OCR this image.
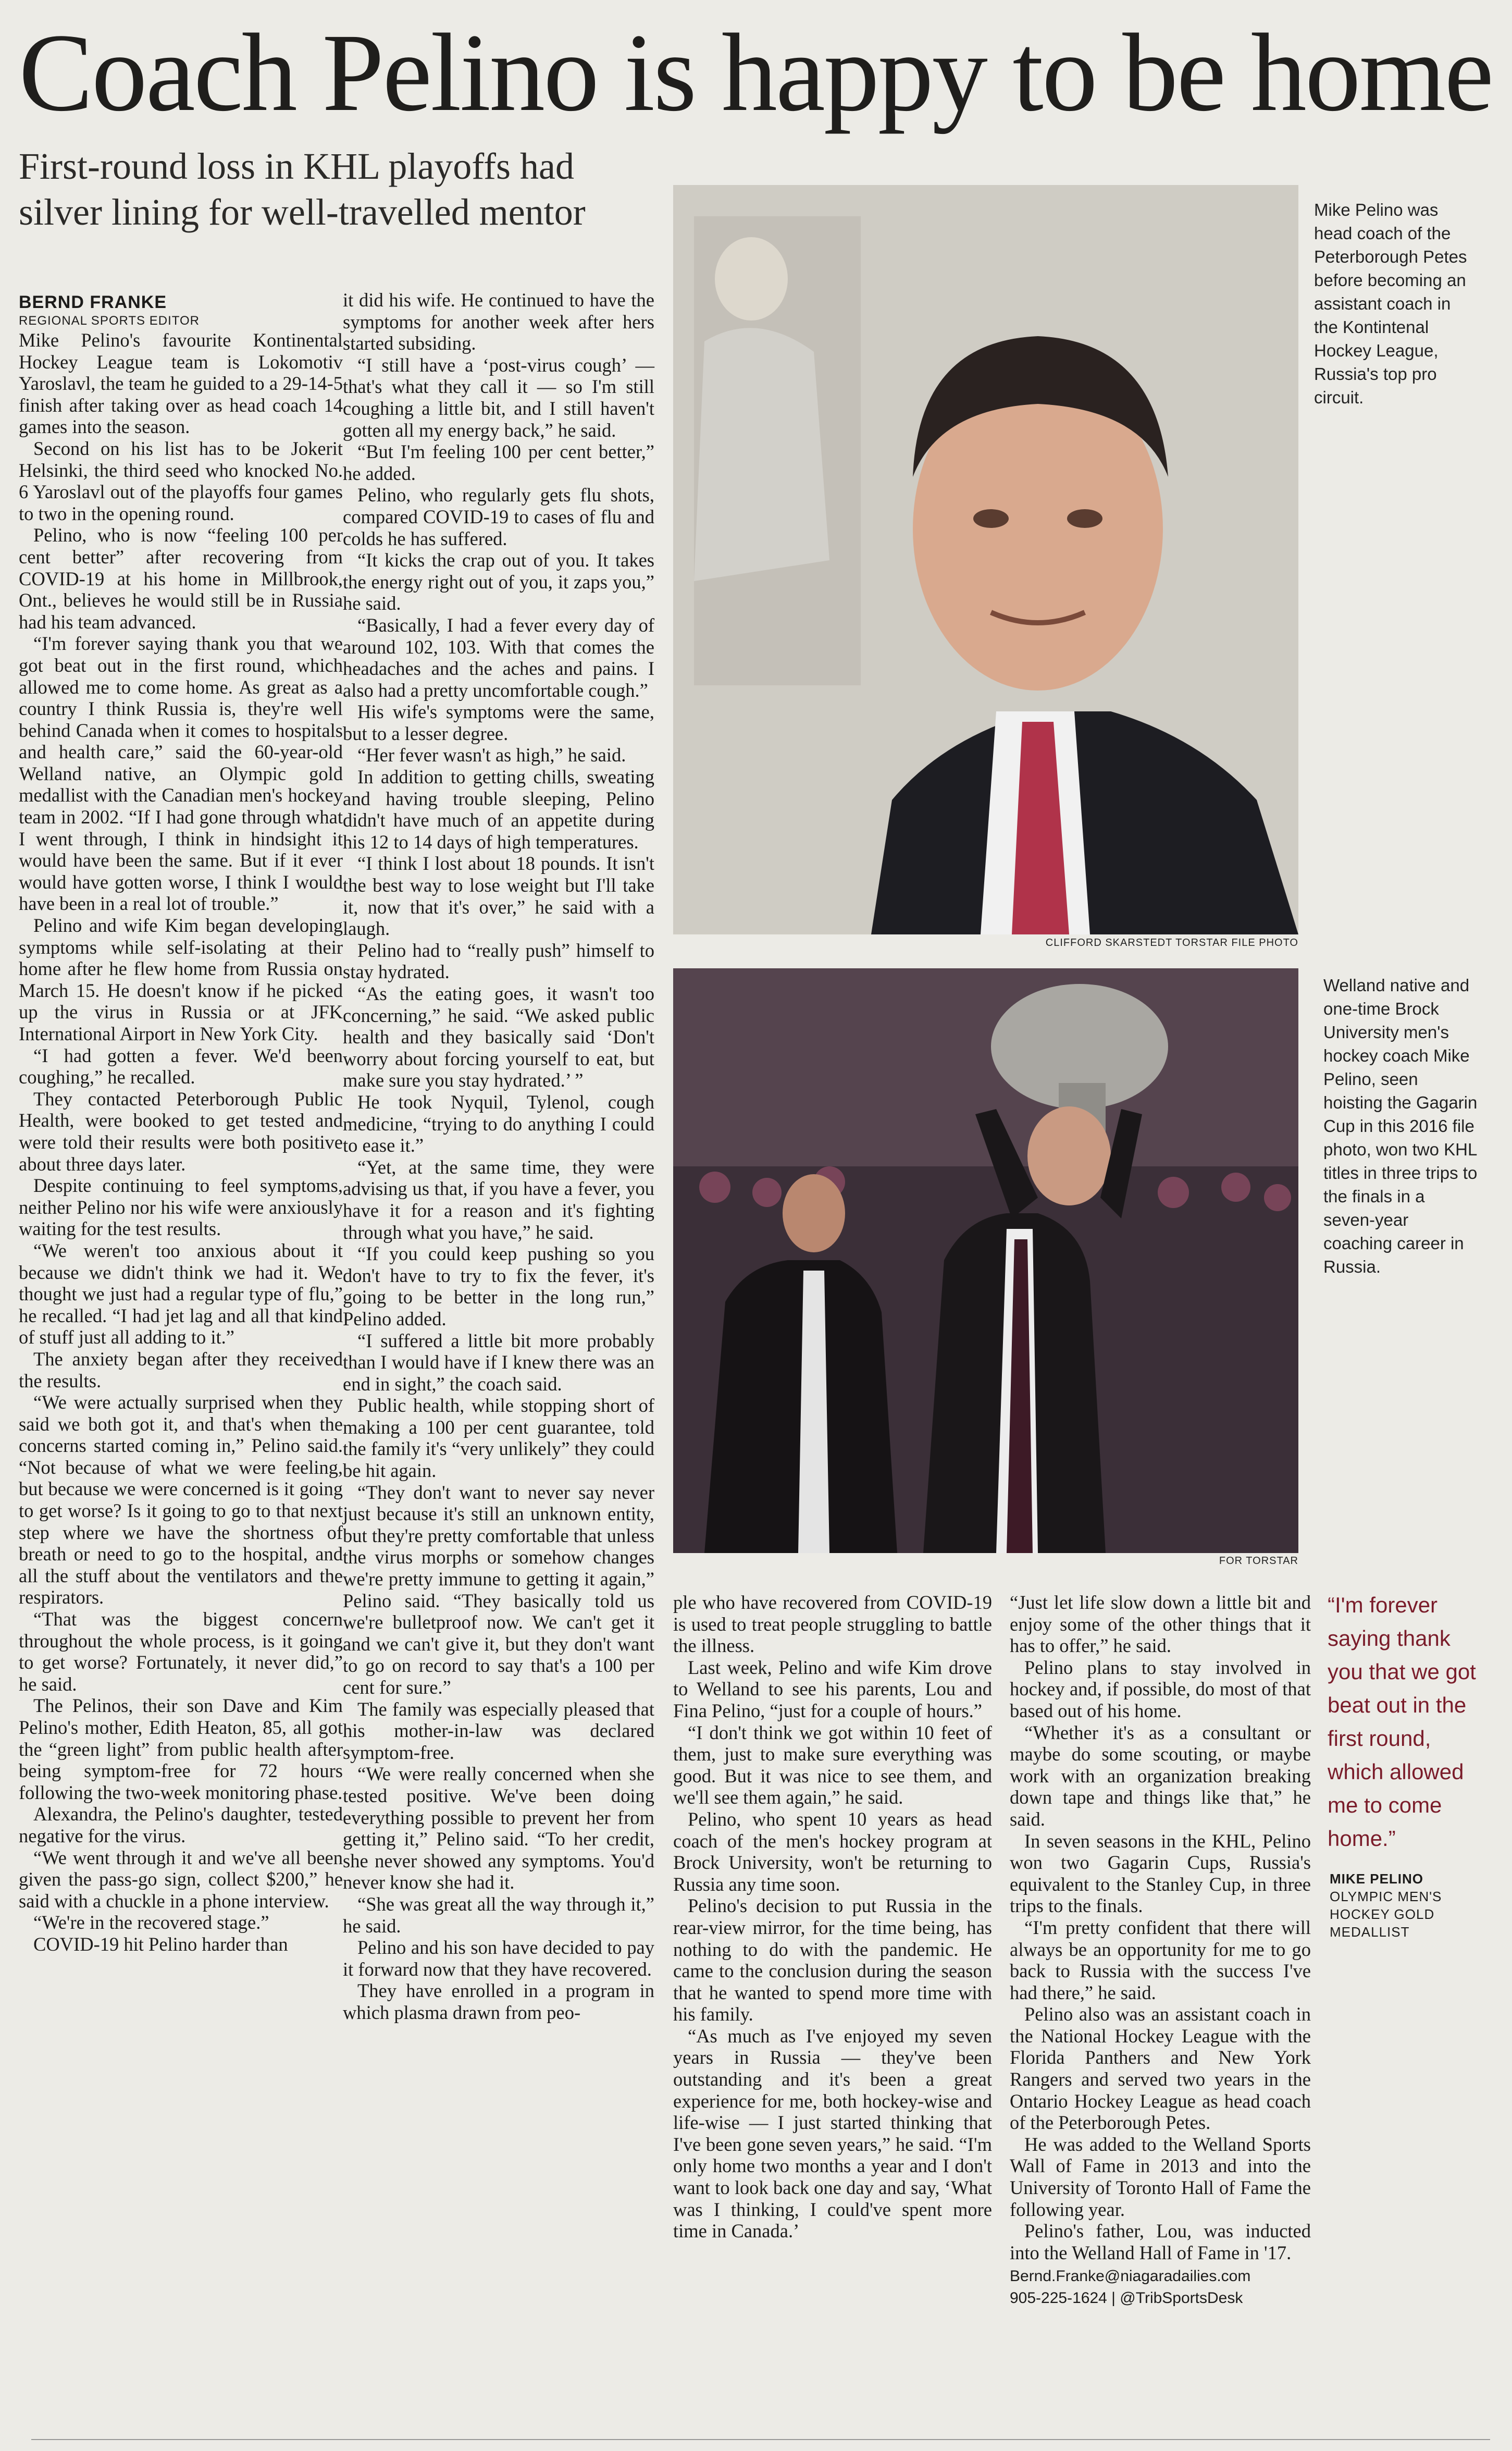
Coach Pelino is happy to be home
First-round loss in KHL playoffs had silver lining for well-travelled mentor
BERND FRANKE
REGIONAL SPORTS EDITOR

Mike Pelino's favourite Kontinental Hockey League team is Lokomotiv Yaroslavl, the team he guided to a 29-14-5 finish after taking over as head coach 14 games into the season.

Second on his list has to be Jokerit Helsinki, the third seed who knocked No. 6 Yaroslavl out of the playoffs four games to two in the opening round.

Pelino, who is now “feeling 100 per cent better” after recovering from COVID-19 at his home in Millbrook, Ont., believes he would still be in Russia had his team advanced.

“I'm forever saying thank you that we got beat out in the first round, which allowed me to come home. As great as a country I think Russia is, they're well behind Canada when it comes to hospitals and health care,” said the 60-year-old Welland native, an Olympic gold medallist with the Canadian men's hockey team in 2002. “If I had gone through what I went through, I think in hindsight it would have been the same. But if it ever would have gotten worse, I think I would have been in a real lot of trouble.”

Pelino and wife Kim began developing symptoms while self-isolating at their home after he flew home from Russia on March 15. He doesn't know if he picked up the virus in Russia or at JFK International Airport in New York City.

“I had gotten a fever. We'd been coughing,” he recalled.

They contacted Peterborough Public Health, were booked to get tested and were told their results were both positive about three days later.

Despite continuing to feel symptoms, neither Pelino nor his wife were anxiously waiting for the test results.

“We weren't too anxious about it because we didn't think we had it. We thought we just had a regular type of flu,” he recalled. “I had jet lag and all that kind of stuff just all adding to it.”

The anxiety began after they received the results.

“We were actually surprised when they said we both got it, and that's when the concerns started coming in,” Pelino said. “Not because of what we were feeling, but because we were concerned is it going to get worse? Is it going to go to that next step where we have the shortness of breath or need to go to the hospital, and all the stuff about the ventilators and the respirators.

“That was the biggest concern throughout the whole process, is it going to get worse? Fortunately, it never did,” he said.

The Pelinos, their son Dave and Kim Pelino's mother, Edith Heaton, 85, all got the “green light” from public health after being symptom-free for 72 hours following the two-week monitoring phase.

Alexandra, the Pelino's daughter, tested negative for the virus.

“We went through it and we've all been given the pass-go sign, collect $200,” he said with a chuckle in a phone interview.

“We're in the recovered stage.”

COVID-19 hit Pelino harder than

it did his wife. He continued to have the symptoms for another week after hers started subsiding.

“I still have a ‘post-virus cough’ — that's what they call it — so I'm still coughing a little bit, and I still haven't gotten all my energy back,” he said.

“But I'm feeling 100 per cent better,” he added.

Pelino, who regularly gets flu shots, compared COVID-19 to cases of flu and colds he has suffered.

“It kicks the crap out of you. It takes the energy right out of you, it zaps you,” he said.

“Basically, I had a fever every day of around 102, 103. With that comes the headaches and the aches and pains. I also had a pretty uncomfortable cough.”

His wife's symptoms were the same, but to a lesser degree.

“Her fever wasn't as high,” he said.

In addition to getting chills, sweating and having trouble sleeping, Pelino didn't have much of an appetite during his 12 to 14 days of high temperatures.

“I think I lost about 18 pounds. It isn't the best way to lose weight but I'll take it, now that it's over,” he said with a laugh.

Pelino had to “really push” himself to stay hydrated.

“As the eating goes, it wasn't too concerning,” he said. “We asked public health and they basically said ‘Don't worry about forcing yourself to eat, but make sure you stay hydrated.’ ”

He took Nyquil, Tylenol, cough medicine, “trying to do anything I could to ease it.”

“Yet, at the same time, they were advising us that, if you have a fever, you have it for a reason and it's fighting through what you have,” he said.

“If you could keep pushing so you don't have to try to fix the fever, it's going to be better in the long run,” Pelino added.

“I suffered a little bit more probably than I would have if I knew there was an end in sight,” the coach said.

Public health, while stopping short of making a 100 per cent guarantee, told the family it's “very unlikely” they could be hit again.

“They don't want to never say never just because it's still an unknown entity, but they're pretty comfortable that unless the virus morphs or somehow changes we're pretty immune to getting it again,” Pelino said. “They basically told us we're bulletproof now. We can't get it and we can't give it, but they don't want to go on record to say that's a 100 per cent for sure.”

The family was especially pleased that his mother-in-law was declared symptom-free.

“We were really concerned when she tested positive. We've been doing everything possible to prevent her from getting it,” Pelino said. “To her credit, she never showed any symptoms. You'd never know she had it.

“She was great all the way through it,” he said.

Pelino and his son have decided to pay it forward now that they have recovered.

They have enrolled in a program in which plasma drawn from peo-

CLIFFORD SKARSTEDT TORSTAR FILE PHOTO
Mike Pelino was head coach of the Peterborough Petes before becoming an assistant coach in the Kontintenal Hockey League, Russia's top pro circuit.
FOR TORSTAR
Welland native and one-time Brock University men's hockey coach Mike Pelino, seen hoisting the Gagarin Cup in this 2016 file photo, won two KHL titles in three trips to the finals in a seven-year coaching career in Russia.

ple who have recovered from COVID-19 is used to treat people struggling to battle the illness.

Last week, Pelino and wife Kim drove to Welland to see his parents, Lou and Fina Pelino, “just for a couple of hours.”

“I don't think we got within 10 feet of them, just to make sure everything was good. But it was nice to see them, and we'll see them again,” he said.

Pelino, who spent 10 years as head coach of the men's hockey program at Brock University, won't be returning to Russia any time soon.

Pelino's decision to put Russia in the rear-view mirror, for the time being, has nothing to do with the pandemic. He came to the conclusion during the season that he wanted to spend more time with his family.

“As much as I've enjoyed my seven years in Russia — they've been outstanding and it's been a great experience for me, both hockey-wise and life-wise — I just started thinking that I've been gone seven years,” he said. “I'm only home two months a year and I don't want to look back one day and say, ‘What was I thinking, I could've spent more time in Canada.’

“Just let life slow down a little bit and enjoy some of the other things that it has to offer,” he said.

Pelino plans to stay involved in hockey and, if possible, do most of that based out of his home.

“Whether it's as a consultant or maybe do some scouting, or maybe work with an organization breaking down tape and things like that,” he said.

In seven seasons in the KHL, Pelino won two Gagarin Cups, Russia's equivalent to the Stanley Cup, in three trips to the finals.

“I'm pretty confident that there will always be an opportunity for me to go back to Russia with the success I've had there,” he said.

Pelino also was an assistant coach in the National Hockey League with the Florida Panthers and New York Rangers and served two years in the Ontario Hockey League as head coach of the Peterborough Petes.

He was added to the Welland Sports Wall of Fame in 2013 and into the University of Toronto Hall of Fame the following year.

Pelino's father, Lou, was inducted into the Welland Hall of Fame in '17.

Bernd.Franke@niagaradailies.com
905-225-1624 | @TribSportsDesk
“I'm forever saying thank you that we got beat out in the first round, which allowed me to come home.”
MIKE PELINO
OLYMPIC MEN'S HOCKEY GOLD MEDALLIST
